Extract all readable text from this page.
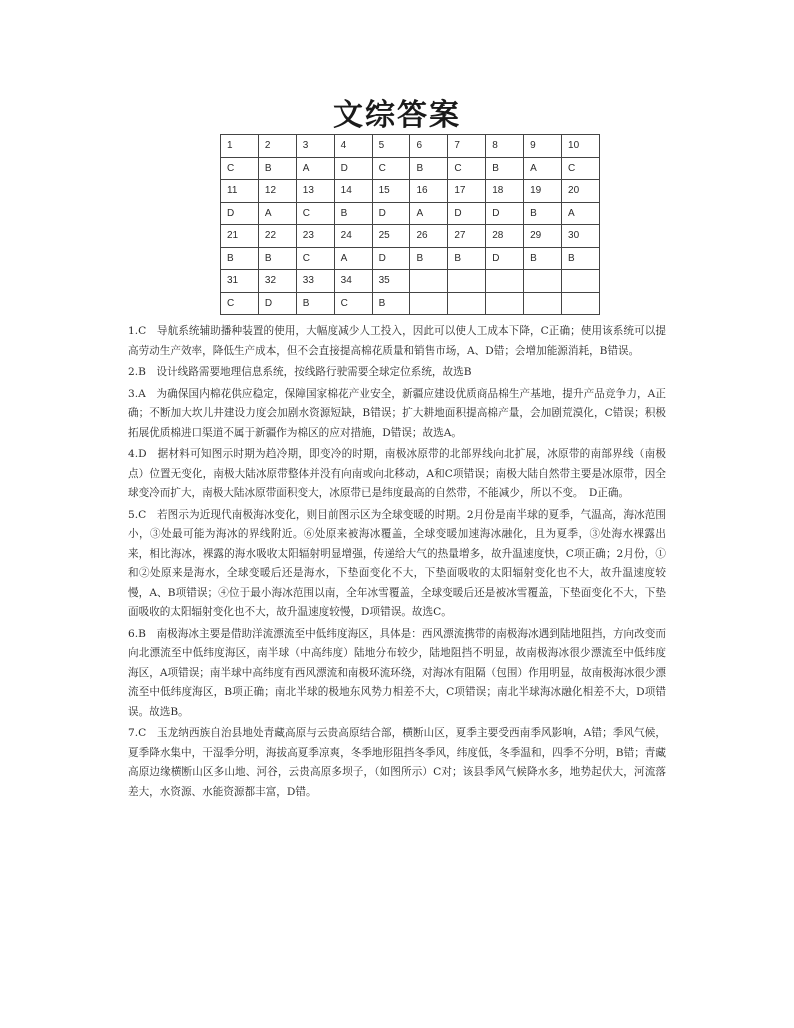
文综答案
1	2	3	4	5	6	7	8	9	10
C	B	A	D	C	B	C	B	A	C
11	12	13	14	15	16	17	18	19	20
D	A	C	B	D	A	D	D	B	A
21	22	23	24	25	26	27	28	29	30
B	B	C	A	D	B	B	D	B	B
31	32	33	34	35					
C	D	B	C	B					

1.C　导航系统辅助播种装置的使用，大幅度减少人工投入，因此可以使人工成本下降，C正确；使用该系统可以提高劳动生产效率，降低生产成本，但不会直接提高棉花质量和销售市场，A、D错；会增加能源消耗，B错误。

2.B　设计线路需要地理信息系统，按线路行驶需要全球定位系统，故选B

3.A　为确保国内棉花供应稳定，保障国家棉花产业安全，新疆应建设优质商品棉生产基地，提升产品竞争力，A正确；不断加大坎儿井建设力度会加剧水资源短缺，B错误；扩大耕地面积提高棉产量，会加剧荒漠化，C错误；积极拓展优质棉进口渠道不属于新疆作为棉区的应对措施，D错误；故选A。

4.D　据材料可知图示时期为趋冷期，即变冷的时期，南极冰原带的北部界线向北扩展，冰原带的南部界线（南极点）位置无变化，南极大陆冰原带整体并没有向南或向北移动，A和C项错误；南极大陆自然带主要是冰原带，因全球变冷而扩大，南极大陆冰原带面积变大，冰原带已是纬度最高的自然带，不能减少，所以不变。　D正确。

5.C　若图示为近现代南极海冰变化，则目前图示区为全球变暖的时期。2月份是南半球的夏季，气温高，海冰范围小，③处最可能为海冰的界线附近。⑥处原来被海冰覆盖，全球变暖加速海冰融化，且为夏季，③处海水裸露出来，相比海冰，裸露的海水吸收太阳辐射明显增强，传递给大气的热量增多，故升温速度快，C项正确；2月份，①和②处原来是海水，全球变暖后还是海水，下垫面变化不大，下垫面吸收的太阳辐射变化也不大，故升温速度较慢，A、B项错误；④位于最小海冰范围以南，全年冰雪覆盖，全球变暖后还是被冰雪覆盖，下垫面变化不大，下垫面吸收的太阳辐射变化也不大，故升温速度较慢，D项错误。故选C。

6.B　南极海冰主要是借助洋流漂流至中低纬度海区，具体是：西风漂流携带的南极海冰遇到陆地阻挡，方向改变而向北漂流至中低纬度海区，南半球（中高纬度）陆地分布较少，陆地阻挡不明显，故南极海冰很少漂流至中低纬度海区，A项错误；南半球中高纬度有西风漂流和南极环流环绕，对海冰有阻隔（包围）作用明显，故南极海冰很少漂流至中低纬度海区，B项正确；南北半球的极地东风势力相差不大，C项错误；南北半球海冰融化相差不大，D项错误。故选B。

7.C　玉龙纳西族自治县地处青藏高原与云贵高原结合部，横断山区，夏季主要受西南季风影响，A错；季风气候，夏季降水集中，干湿季分明，海拔高夏季凉爽，冬季地形阻挡冬季风，纬度低，冬季温和，四季不分明，B错；青藏高原边缘横断山区多山地、河谷，云贵高原多坝子，（如图所示）C对；该县季风气候降水多，地势起伏大，河流落差大，水资源、水能资源都丰富，D错。
